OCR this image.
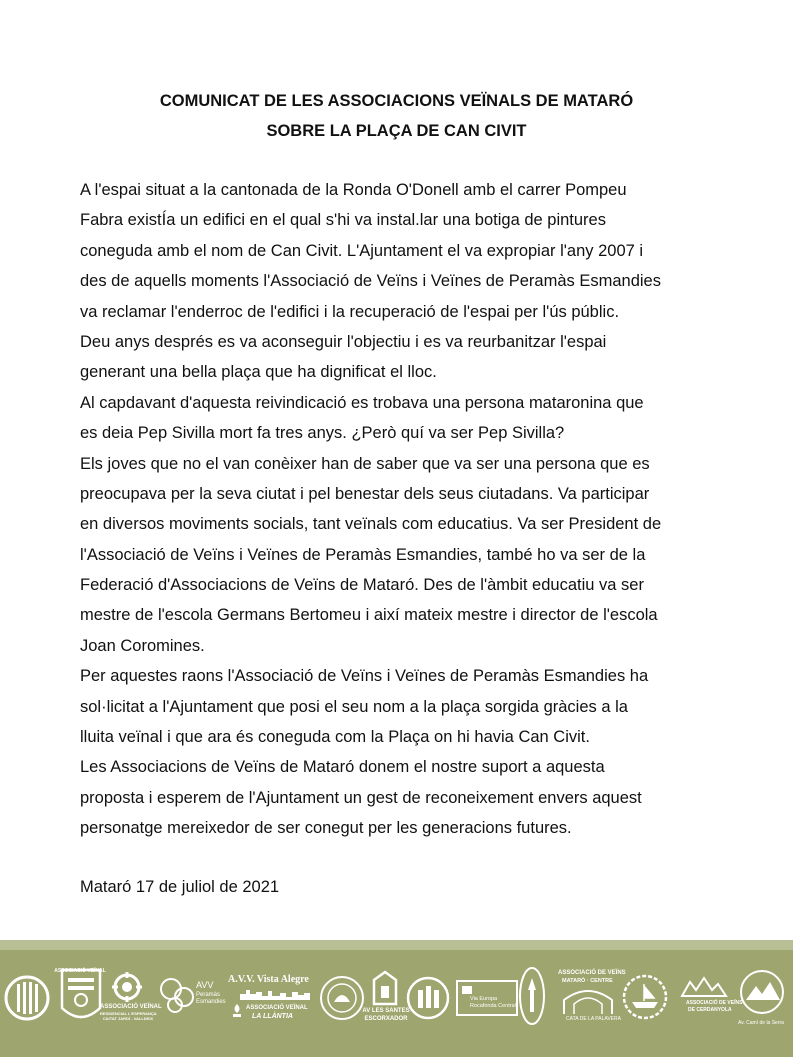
COMUNICAT DE LES ASSOCIACIONS VEÏNALS DE MATARÓ
SOBRE LA PLAÇA DE CAN CIVIT
A l'espai situat a la cantonada de la Ronda O'Donell amb el carrer Pompeu
Fabra existÍa un edifici en el qual s'hi va instal.lar una botiga de pintures
coneguda amb el nom de Can Civit. L'Ajuntament el va expropiar l'any 2007 i
des de aquells moments l'Associació de Veïns i Veïnes de Peramàs Esmandies
va reclamar l'enderroc de l'edifici i la recuperació de l'espai per l'ús públic.
Deu anys després es va aconseguir l'objectiu i es va reurbanitzar l'espai
generant una bella plaça que ha dignificat el lloc.
Al capdavant d'aquesta reivindicació es trobava una persona mataronina que
es deia Pep Sivilla mort fa tres anys. ¿Però quí va ser Pep Sivilla?
Els joves que no el van conèixer han de saber que va ser una persona que es
preocupava per la seva ciutat i pel benestar dels seus ciutadans. Va participar
en diversos moviments socials, tant veïnals com educatius. Va ser President de
l'Associació de Veïns i Veïnes de Peramàs Esmandies, també ho va ser de la
Federació d'Associacions de Veïns de Mataró. Des de l'àmbit educatiu va ser
mestre de l'escola Germans Bertomeu i així mateix mestre i director de l'escola
Joan Coromines.
Per aquestes raons l'Associació de Veïns i Veïnes de Peramàs Esmandies ha
sol·licitat a l'Ajuntament que posi el seu nom a la plaça sorgida gràcies a la
lluita veïnal i que ara és coneguda com la Plaça on hi havia Can Civit.
Les Associacions de Veïns de Mataró donem el nostre suport a aquesta
proposta i esperem de l'Ajuntament un gest de reconeixement envers aquest
personatge mereixedor de ser conegut per les generacions futures.
Mataró 17 de juliol de 2021
ASSOCIACIÓ VEÏNAL
ASSOCIACIÓ VEÏNAL
RESIDENCIAL L'ESPERANÇA
CIUTAT JARDÍ - VALLDEIX
AVV
Peramàs
Esmandies
A.V.V. Vista Alegre
ASSOCIACIÓ VEÏNAL
LA LLÀNTIA
AV LES SANTES
ESCORXADOR
Via Europa
Rocafonda Central
ASSOCIACIÓ DE VEÏNS
MATARÓ · CENTRE
CATA DE LA PALAVERA
ASSOCIACIÓ DE VEÏNS
DE CERDANYOLA
Av. Camí de la Serra
